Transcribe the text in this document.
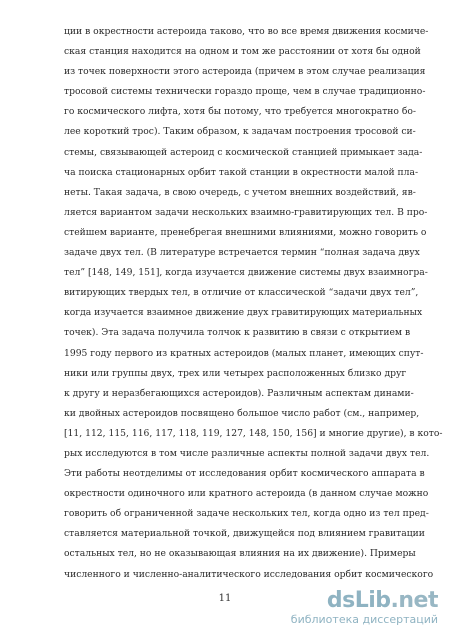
ции в окрестности астероида таково, что во все время движения космиче-
ская станция находится на одном и том же расстоянии от хотя бы одной
из точек поверхности этого астероида (причем в этом случае реализация
тросовой системы технически гораздо проще, чем в случае традиционно-
го космического лифта, хотя бы потому, что требуется многократно бо-
лее короткий трос). Таким образом, к задачам построения тросовой си-
стемы, связывающей астероид с космической станцией примыкает зада-
ча поиска стационарных орбит такой станции в окрестности малой пла-
неты. Такая задача, в свою очередь, с учетом внешних воздействий, яв-
ляется вариантом задачи нескольких взаимно-гравитирующих тел. В про-
стейшем варианте, пренебрегая внешними влияниями, можно говорить о
задаче двух тел. (В литературе встречается термин “полная задача двух
тел” [148, 149, 151], когда изучается движение системы двух взаимногра-
витирующих твердых тел, в отличие от классической “задачи двух тел”,
когда изучается взаимное движение двух гравитирующих материальных
точек). Эта задача получила толчок к развитию в связи с открытием в
1995 году первого из кратных астероидов (малых планет, имеющих спут-
ники или группы двух, трех или четырех расположенных близко друг
к другу и неразбегающихся астероидов). Различным аспектам динами-
ки двойных астероидов посвящено большое число работ (см., например,
[11, 112, 115, 116, 117, 118, 119, 127, 148, 150, 156] и многие другие), в кото-
рых исследуются в том числе различные аспекты полной задачи двух тел.
Эти работы неотделимы от исследования орбит космического аппарата в
окрестности одиночного или кратного астероида (в данном случае можно
говорить об ограниченной задаче нескольких тел, когда одно из тел пред-
ставляется материальной точкой, движущейся под влиянием гравитации
остальных тел, но не оказывающая влияния на их движение). Примеры
численного и численно-аналитического исследования орбит космического
11	dsLib.net
библиотека диссертаций
